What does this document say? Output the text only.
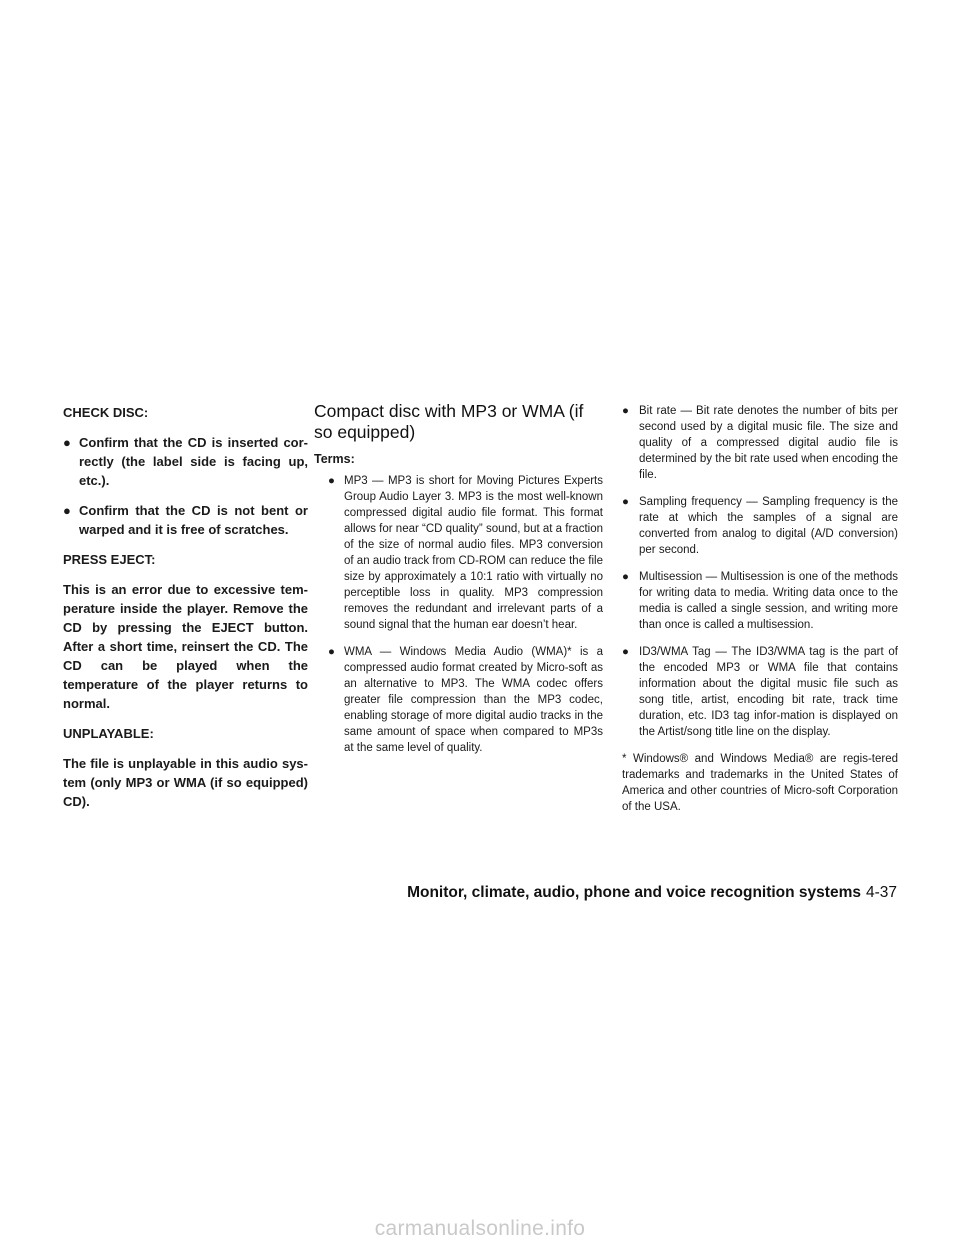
CHECK DISC:

● Confirm that the CD is inserted cor-rectly (the label side is facing up, etc.).
● Confirm that the CD is not bent or warped and it is free of scratches.

PRESS EJECT:

This is an error due to excessive tem-perature inside the player. Remove the CD by pressing the EJECT button. After a short time, reinsert the CD. The CD can be played when the temperature of the player returns to normal.

UNPLAYABLE:

The file is unplayable in this audio sys-tem (only MP3 or WMA (if so equipped) CD).

Compact disc with MP3 or WMA (if so equipped)

Terms:

● MP3 — MP3 is short for Moving Pictures Experts Group Audio Layer 3. MP3 is the most well-known compressed digital audio file format. This format allows for near “CD quality” sound, but at a fraction of the size of normal audio files. MP3 conversion of an audio track from CD-ROM can reduce the file size by approximately a 10:1 ratio with virtually no perceptible loss in quality. MP3 compression removes the redundant and irrelevant parts of a sound signal that the human ear doesn’t hear.
● WMA — Windows Media Audio (WMA)* is a compressed audio format created by Micro-soft as an alternative to MP3. The WMA codec offers greater file compression than the MP3 codec, enabling storage of more digital audio tracks in the same amount of space when compared to MP3s at the same level of quality.
● Bit rate — Bit rate denotes the number of bits per second used by a digital music file. The size and quality of a compressed digital audio file is determined by the bit rate used when encoding the file.
● Sampling frequency — Sampling frequency is the rate at which the samples of a signal are converted from analog to digital (A/D conversion) per second.
● Multisession — Multisession is one of the methods for writing data to media. Writing data once to the media is called a single session, and writing more than once is called a multisession.
● ID3/WMA Tag — The ID3/WMA tag is the part of the encoded MP3 or WMA file that contains information about the digital music file such as song title, artist, encoding bit rate, track time duration, etc. ID3 tag infor-mation is displayed on the Artist/song title line on the display.

* Windows® and Windows Media® are regis-tered trademarks and trademarks in the United States of America and other countries of Micro-soft Corporation of the USA.

Monitor, climate, audio, phone and voice recognition systems 4-37
carmanualsonline.info
